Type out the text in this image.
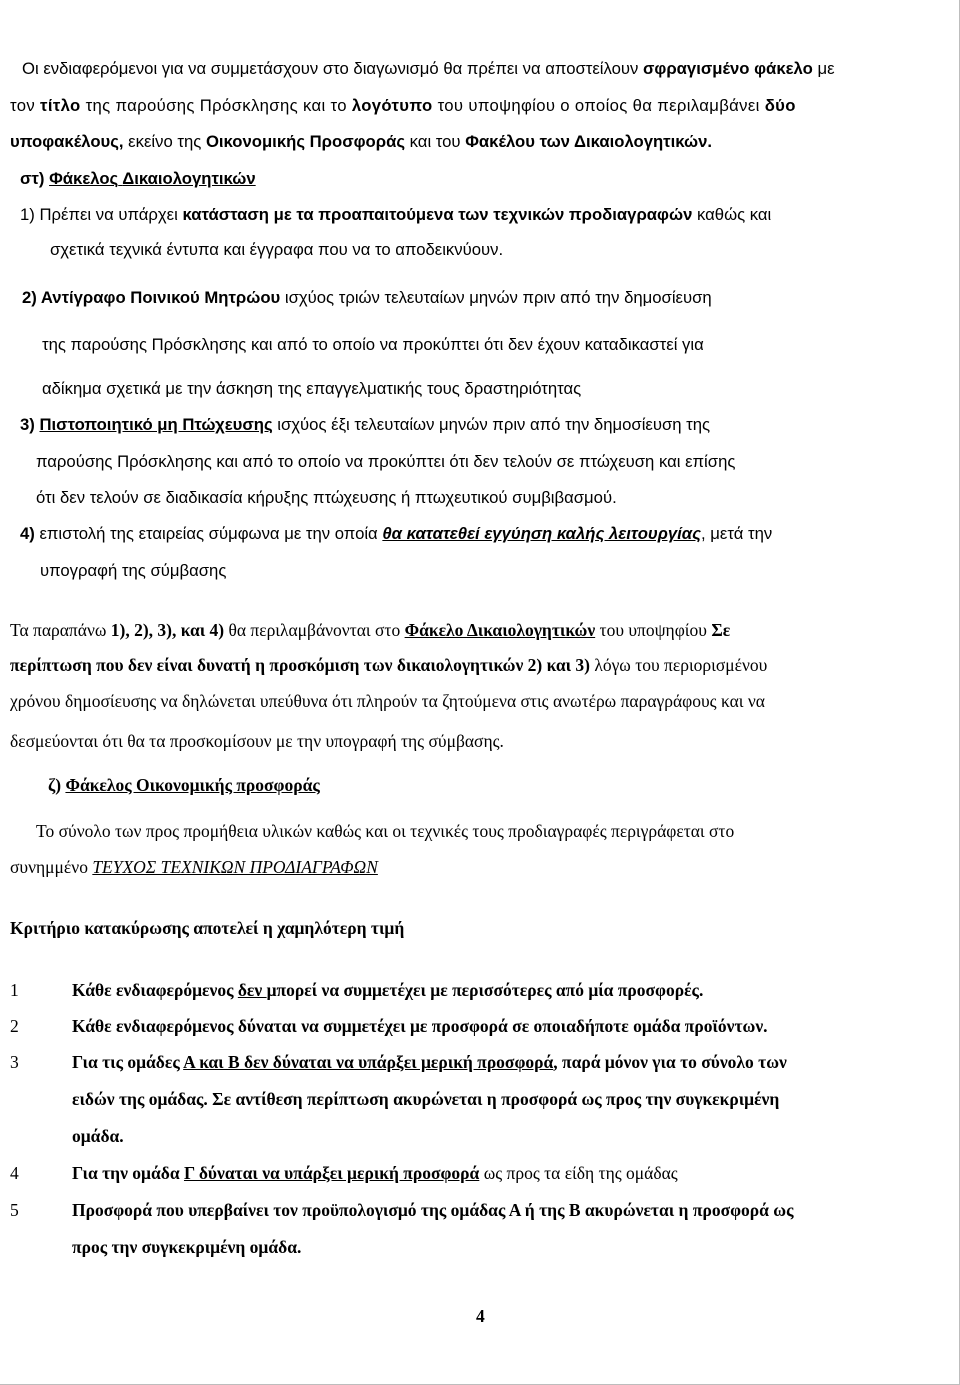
Οι ενδιαφερόμενοι για να συμμετάσχουν στο διαγωνισμό θα πρέπει να αποστείλουν σφραγισμένο φάκελο με
τον τίτλο της παρούσης Πρόσκλησης και το λογότυπο του υποψηφίου ο οποίος θα περιλαμβάνει δύο
υποφακέλους, εκείνο της Οικονομικής Προσφοράς και του Φακέλου των Δικαιολογητικών.
στ) Φάκελος Δικαιολογητικών
1) Πρέπει να υπάρχει κατάσταση με τα προαπαιτούμενα των τεχνικών προδιαγραφών καθώς και
σχετικά τεχνικά έντυπα και έγγραφα που να το αποδεικνύουν.
2) Αντίγραφο Ποινικού Μητρώου ισχύος τριών τελευταίων μηνών πριν από την δημοσίευση
της παρούσης Πρόσκλησης και από το οποίο να προκύπτει ότι δεν έχουν καταδικαστεί για
αδίκημα σχετικά με την άσκηση της επαγγελματικής τους δραστηριότητας
3) Πιστοποιητικό μη Πτώχευσης ισχύος έξι τελευταίων μηνών πριν από την δημοσίευση της
παρούσης Πρόσκλησης και από το οποίο να προκύπτει ότι δεν τελούν σε πτώχευση και επίσης
ότι δεν τελούν σε διαδικασία κήρυξης πτώχευσης ή πτωχευτικού συμβιβασμού.
4) επιστολή της εταιρείας σύμφωνα με την οποία θα κατατεθεί εγγύηση καλής λειτουργίας, μετά την
υπογραφή της σύμβασης
Τα παραπάνω 1), 2), 3), και 4) θα περιλαμβάνονται στο Φάκελο Δικαιολογητικών του υποψηφίου Σε
περίπτωση που δεν είναι δυνατή η προσκόμιση των δικαιολογητικών 2) και 3) λόγω του περιορισμένου
χρόνου δημοσίευσης να δηλώνεται υπεύθυνα ότι πληρούν τα ζητούμενα στις ανωτέρω παραγράφους και να
δεσμεύονται ότι θα τα προσκομίσουν με την υπογραφή της σύμβασης.
ζ) Φάκελος Οικονομικής προσφοράς
Το σύνολο των προς προμήθεια υλικών καθώς και οι τεχνικές τους προδιαγραφές περιγράφεται στο
συνημμένο ΤΕΥΧΟΣ ΤΕΧΝΙΚΩΝ ΠΡΟΔΙΑΓΡΑΦΩΝ
Κριτήριο κατακύρωσης αποτελεί η χαμηλότερη τιμή
1	Κάθε ενδιαφερόμενος δεν μπορεί να συμμετέχει με περισσότερες από μία προσφορές.
2	Κάθε ενδιαφερόμενος δύναται να συμμετέχει με προσφορά σε οποιαδήποτε ομάδα προϊόντων.
3	Για τις ομάδες Α και Β δεν δύναται να υπάρξει μερική προσφορά, παρά μόνον για το σύνολο των
ειδών της ομάδας. Σε αντίθεση περίπτωση ακυρώνεται η προσφορά ως προς την συγκεκριμένη
ομάδα.
4	Για την ομάδα Γ δύναται να υπάρξει μερική προσφορά ως προς τα είδη της ομάδας
5	Προσφορά που υπερβαίνει τον προϋπολογισμό της ομάδας Α ή της Β ακυρώνεται η προσφορά ως
προς την συγκεκριμένη ομάδα.
4
